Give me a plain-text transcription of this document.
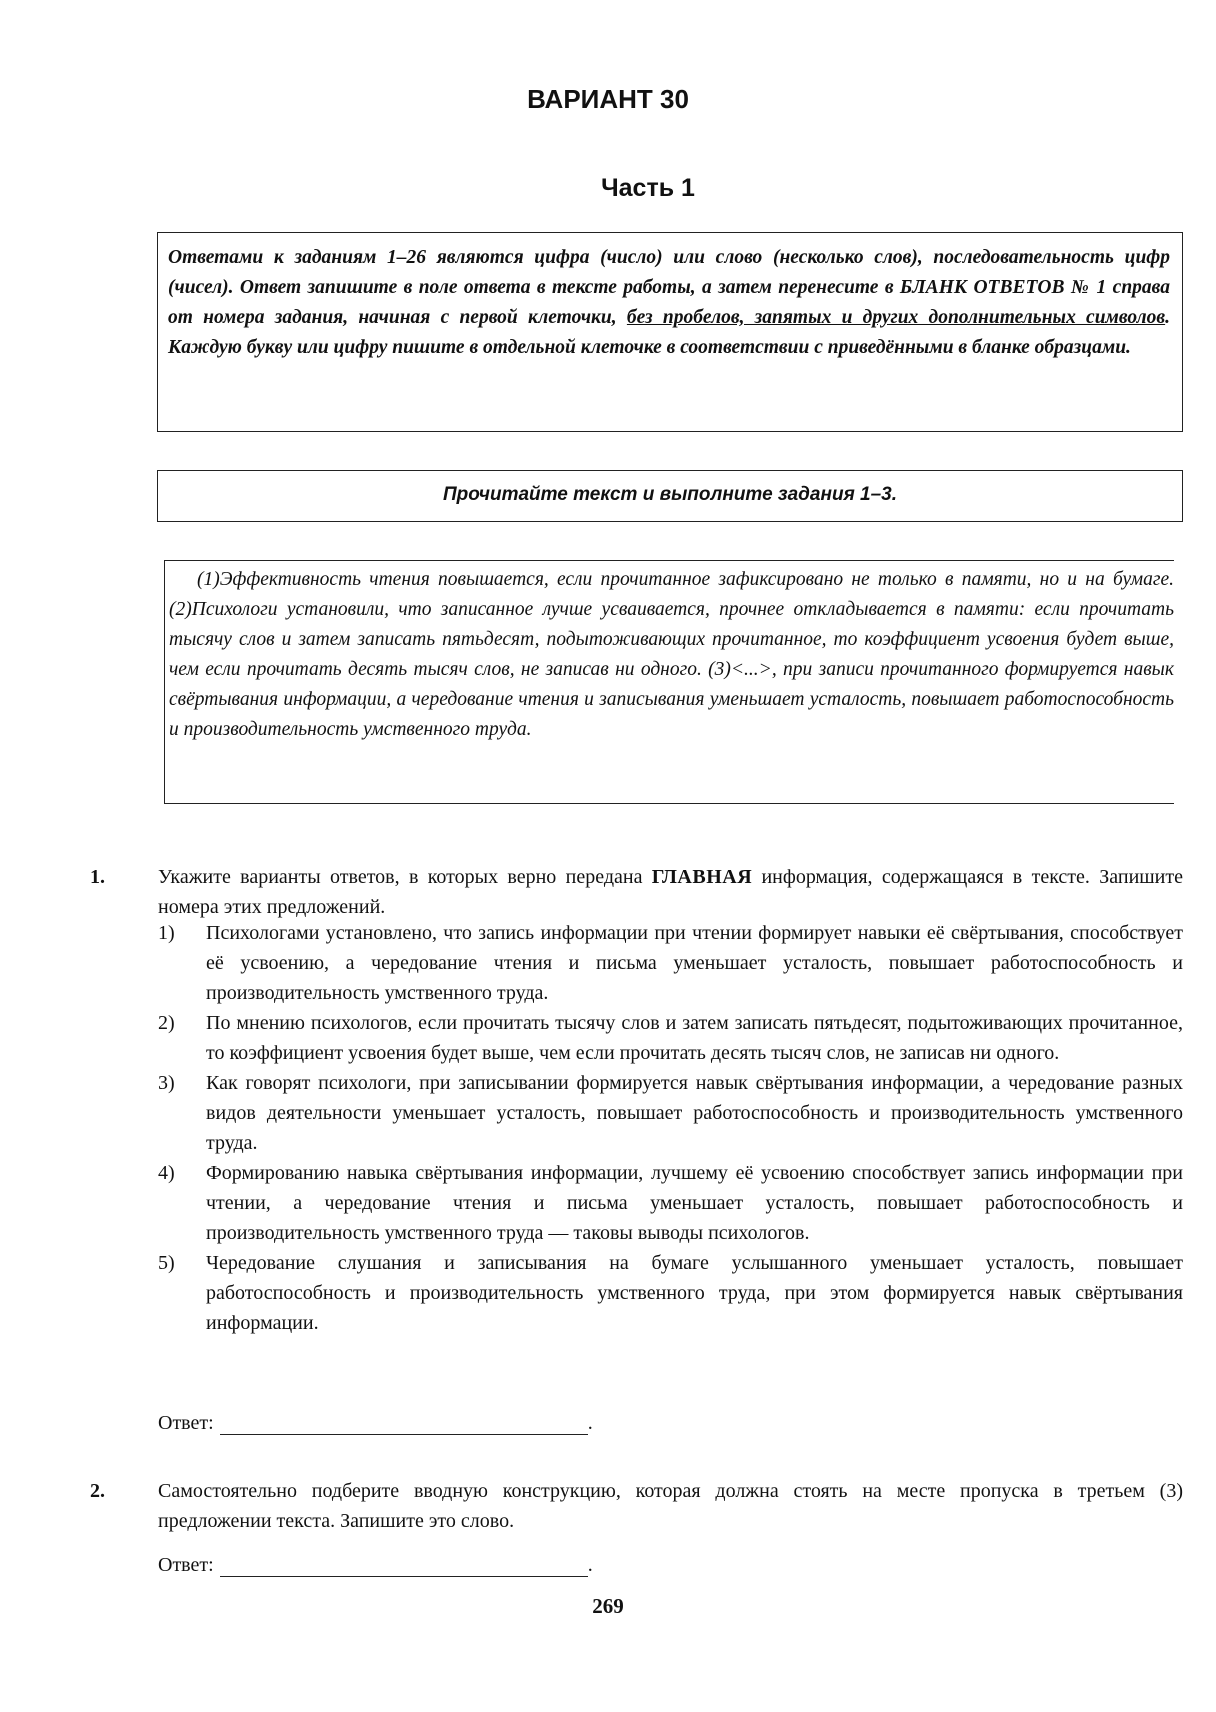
ВАРИАНТ 30
Часть 1
Ответами к заданиям 1–26 являются цифра (число) или слово (несколько слов), последовательность цифр (чисел). Ответ запишите в поле ответа в тексте работы, а затем перенесите в БЛАНК ОТВЕТОВ № 1 справа от номера задания, начиная с первой клеточки, без пробелов, запятых и других дополнительных символов. Каждую букву или цифру пишите в отдельной клеточке в соответствии с приведёнными в бланке образцами.
Прочитайте текст и выполните задания 1–3.

(1)Эффективность чтения повышается, если прочитанное зафиксировано не только в памяти, но и на бумаге. (2)Психологи установили, что записанное лучше усваивается, прочнее откладывается в памяти: если прочитать тысячу слов и затем записать пятьдесят, подытоживающих прочитанное, то коэффициент усвоения будет выше, чем если прочитать десять тысяч слов, не записав ни одного. (3)<...>, при записи прочитанного формируется навык свёртывания информации, а чередование чтения и записывания уменьшает усталость, повышает работоспособность и производительность умственного труда.

1.	Укажите варианты ответов, в которых верно передана ГЛАВНАЯ информация, содержащаяся в тексте. Запишите номера этих предложений.
1)	Психологами установлено, что запись информации при чтении формирует навыки её свёртывания, способствует её усвоению, а чередование чтения и письма уменьшает усталость, повышает работоспособность и производительность умственного труда.
2)	По мнению психологов, если прочитать тысячу слов и затем записать пятьдесят, подытоживающих прочитанное, то коэффициент усвоения будет выше, чем если прочитать десять тысяч слов, не записав ни одного.
3)	Как говорят психологи, при записывании формируется навык свёртывания информации, а чередование разных видов деятельности уменьшает усталость, повышает работоспособность и производительность умственного труда.
4)	Формированию навыка свёртывания информации, лучшему её усвоению способствует запись информации при чтении, а чередование чтения и письма уменьшает усталость, повышает работоспособность и производительность умственного труда — таковы выводы психологов.
5)	Чередование слушания и записывания на бумаге услышанного уменьшает усталость, повышает работоспособность и производительность умственного труда, при этом формируется навык свёртывания информации.
Ответ:	.
2.	Самостоятельно подберите вводную конструкцию, которая должна стоять на месте пропуска в третьем (3) предложении текста. Запишите это слово.
Ответ:	.
269
